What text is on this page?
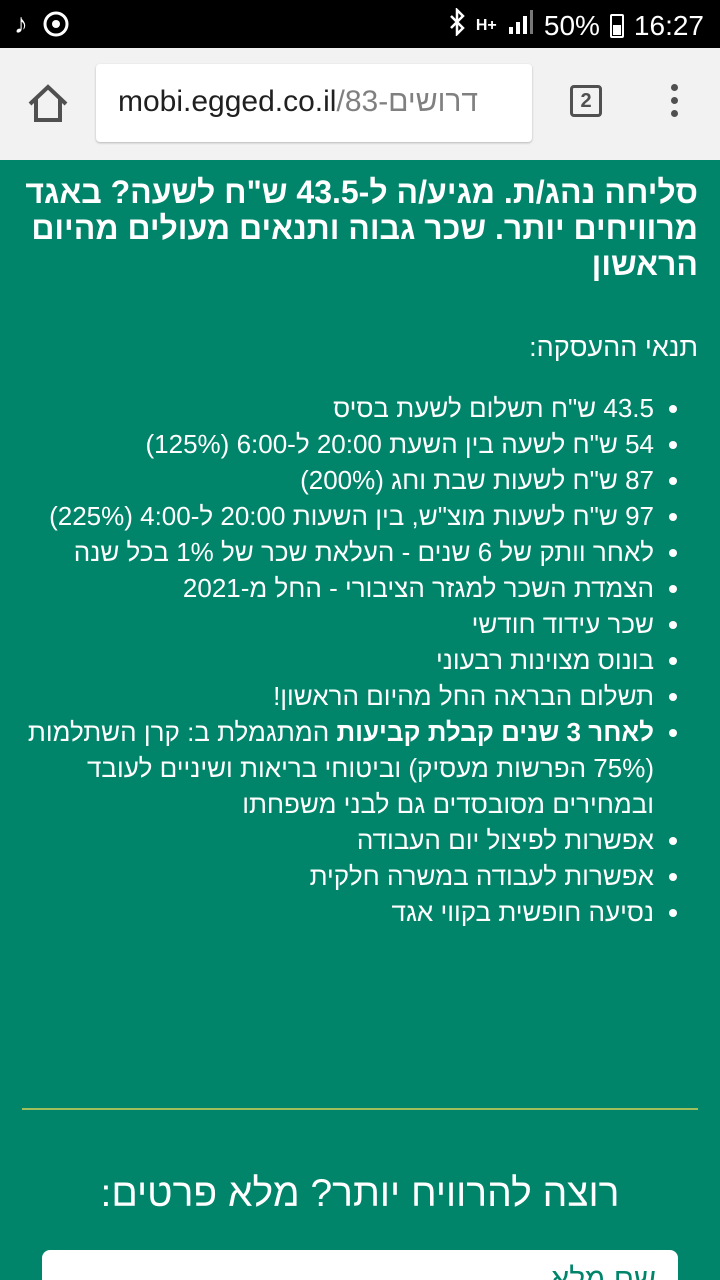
♪	H+ 50% 16:27
mobi.egged.co.il/דרושים-83	2
סליחה נהג/ת. מגיע/ה ל-43.5 ש"ח לשעה? באגד מרוויחים יותר. שכר גבוה ותנאים מעולים מהיום הראשון
תנאי ההעסקה:
• 43.5 ש"ח תשלום לשעת בסיס
• 54 ש"ח לשעה בין השעת 20:00 ל-6:00 (125%)
• 87 ש"ח לשעות שבת וחג (200%)
• 97 ש"ח לשעות מוצ"ש, בין השעות 20:00 ל-4:00 (225%)
• לאחר וותק של 6 שנים - העלאת שכר של 1% בכל שנה
• הצמדת השכר למגזר הציבורי - החל מ-2021
• שכר עידוד חודשי
• בונוס מצוינות רבעוני
• תשלום הבראה החל מהיום הראשון!
• לאחר 3 שנים קבלת קביעות המתגמלת ב: קרן השתלמות (75% הפרשות מעסיק) וביטוחי בריאות ושיניים לעובד ובמחירים מסובסדים גם לבני משפחתו
• אפשרות לפיצול יום העבודה
• אפשרות לעבודה במשרה חלקית
• נסיעה חופשית בקווי אגד
רוצה להרוויח יותר? מלא פרטים:
שם מלא
